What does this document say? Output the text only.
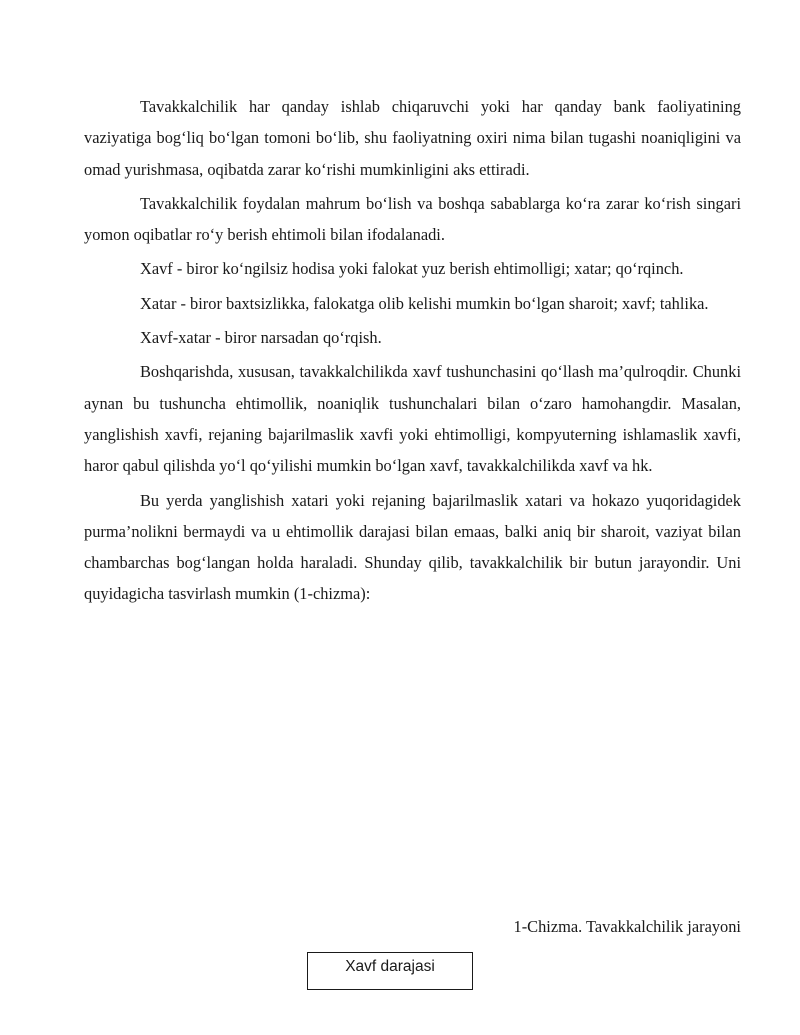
Tavakkalchilik har qanday ishlab chiqaruvchi yoki har qanday bank faoliyatining vaziyatiga bog‘liq bo‘lgan tomoni bo‘lib, shu faoliyatning oxiri nima bilan tugashi noaniqligini va omad yurishmasa, oqibatda zarar ko‘rishi mumkinligini aks ettiradi.

Tavakkalchilik foydalan mahrum bo‘lish va boshqa sabablarga ko‘ra zarar ko‘rish singari yomon oqibatlar ro‘y berish ehtimoli bilan ifodalanadi.

Xavf - biror ko‘ngilsiz hodisa yoki falokat yuz berish ehtimolligi; xatar; qo‘rqinch.

Xatar - biror baxtsizlikka, falokatga olib kelishi mumkin bo‘lgan sharoit; xavf; tahlika.

Xavf-xatar - biror narsadan qo‘rqish.

Boshqarishda, xususan, tavakkalchilikda xavf tushunchasini qo‘llash ma’qulroqdir. Chunki aynan bu tushuncha ehtimollik, noaniqlik tushunchalari bilan o‘zaro hamohangdir. Masalan, yanglishish xavfi, rejaning bajarilmaslik xavfi yoki ehtimolligi, kompyuterning ishlamaslik xavfi, haror qabul qilishda yo‘l qo‘yilishi mumkin bo‘lgan xavf, tavakkalchilikda xavf va hk.

Bu yerda yanglishish xatari yoki rejaning bajarilmaslik xatari va hokazo yuqoridagidek purma’nolikni bermaydi va u ehtimollik darajasi bilan emaas, balki aniq bir sharoit, vaziyat bilan chambarchas bog‘langan holda haraladi. Shunday qilib, tavakkalchilik bir butun jarayondir. Uni quyidagicha tasvirlash mumkin (1-chizma):

1-Chizma. Tavakkalchilik jarayoni
Xavf darajasi
